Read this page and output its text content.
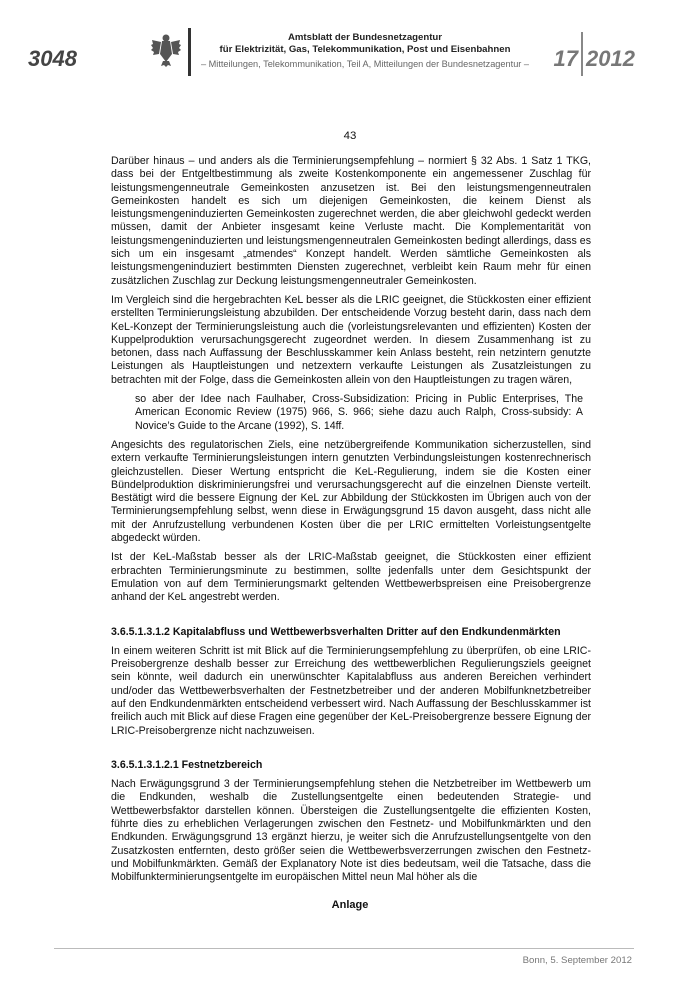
3048
Amtsblatt der Bundesnetzagentur
für Elektrizität, Gas, Telekommunikation, Post und Eisenbahnen
– Mitteilungen, Telekommunikation, Teil A, Mitteilungen der Bundesnetzagentur –	17 2012
43

Darüber hinaus – und anders als die Terminierungsempfehlung – normiert § 32 Abs. 1 Satz 1 TKG, dass bei der Entgeltbestimmung als zweite Kostenkomponente ein angemessener Zuschlag für leistungsmengenneutrale Gemeinkosten anzusetzen ist. Bei den leistungsmengenneutralen Gemeinkosten handelt es sich um diejenigen Gemeinkosten, die keinem Dienst als leistungsmengeninduzierten Gemeinkosten zugerechnet werden, die aber gleichwohl gedeckt werden müssen, damit der Anbieter insgesamt keine Verluste macht. Die Komplementarität von leistungsmengeninduzierten und leistungsmengenneutralen Gemeinkosten bedingt allerdings, dass es sich um ein insgesamt „atmendes“ Konzept handelt. Werden sämtliche Gemeinkosten als leistungsmengeninduziert bestimmten Diensten zugerechnet, verbleibt kein Raum mehr für einen zusätzlichen Zuschlag zur Deckung leistungsmengenneutraler Gemeinkosten.

Im Vergleich sind die hergebrachten KeL besser als die LRIC geeignet, die Stückkosten einer effizient erstellten Terminierungsleistung abzubilden. Der entscheidende Vorzug besteht darin, dass nach dem KeL-Konzept der Terminierungsleistung auch die (vorleistungsrelevanten und effizienten) Kosten der Kuppelproduktion verursachungsgerecht zugeordnet werden. In diesem Zusammenhang ist zu betonen, dass nach Auffassung der Beschlusskammer kein Anlass besteht, rein netzintern genutzte Leistungen als Hauptleistungen und netzextern verkaufte Leistungen als Zusatzleistungen zu betrachten mit der Folge, dass die Gemeinkosten allein von den Hauptleistungen zu tragen wären,

so aber der Idee nach Faulhaber, Cross-Subsidization: Pricing in Public Enterprises, The American Economic Review (1975) 966, S. 966; siehe dazu auch Ralph, Cross-subsidy: A Novice’s Guide to the Arcane (1992), S. 14ff.

Angesichts des regulatorischen Ziels, eine netzübergreifende Kommunikation sicherzustellen, sind extern verkaufte Terminierungsleistungen intern genutzten Verbindungsleistungen kostenrechnerisch gleichzustellen. Dieser Wertung entspricht die KeL-Regulierung, indem sie die Kosten einer Bündelproduktion diskriminierungsfrei und verursachungsgerecht auf die einzelnen Dienste verteilt. Bestätigt wird die bessere Eignung der KeL zur Abbildung der Stückkosten im Übrigen auch von der Terminierungsempfehlung selbst, wenn diese in Erwägungsgrund 15 davon ausgeht, dass nicht alle mit der Anrufzustellung verbundenen Kosten über die per LRIC ermittelten Vorleistungsentgelte abgedeckt würden.

Ist der KeL-Maßstab besser als der LRIC-Maßstab geeignet, die Stückkosten einer effizient erbrachten Terminierungsminute zu bestimmen, sollte jedenfalls unter dem Gesichtspunkt der Emulation von auf dem Terminierungsmarkt geltenden Wettbewerbspreisen eine Preisobergrenze anhand der KeL angestrebt werden.

3.6.5.1.3.1.2 Kapitalabfluss und Wettbewerbsverhalten Dritter auf den Endkundenmärkten

In einem weiteren Schritt ist mit Blick auf die Terminierungsempfehlung zu überprüfen, ob eine LRIC-Preisobergrenze deshalb besser zur Erreichung des wettbewerblichen Regulierungsziels geeignet sein könnte, weil dadurch ein unerwünschter Kapitalabfluss aus anderen Bereichen verhindert und/oder das Wettbewerbsverhalten der Festnetzbetreiber und der anderen Mobilfunknetzbetreiber auf den Endkundenmärkten entscheidend verbessert wird. Nach Auffassung der Beschlusskammer ist freilich auch mit Blick auf diese Fragen eine gegenüber der KeL-Preisobergrenze bessere Eignung der LRIC-Preisobergrenze nicht nachzuweisen.

3.6.5.1.3.1.2.1 Festnetzbereich

Nach Erwägungsgrund 3 der Terminierungsempfehlung stehen die Netzbetreiber im Wettbewerb um die Endkunden, weshalb die Zustellungsentgelte einen bedeutenden Strategie- und Wettbewerbsfaktor darstellen können. Übersteigen die Zustellungsentgelte die effizienten Kosten, führte dies zu erheblichen Verlagerungen zwischen den Festnetz- und Mobilfunkmärkten und den Endkunden. Erwägungsgrund 13 ergänzt hierzu, je weiter sich die Anrufzustellungsentgelte von den Zusatzkosten entfernten, desto größer seien die Wettbewerbsverzerrungen zwischen den Festnetz- und Mobilfunkmärkten. Gemäß der Explanatory Note ist dies bedeutsam, weil die Tatsache, dass die Mobilfunkterminierungsentgelte im europäischen Mittel neun Mal höher als die

Anlage
Bonn, 5. September 2012
